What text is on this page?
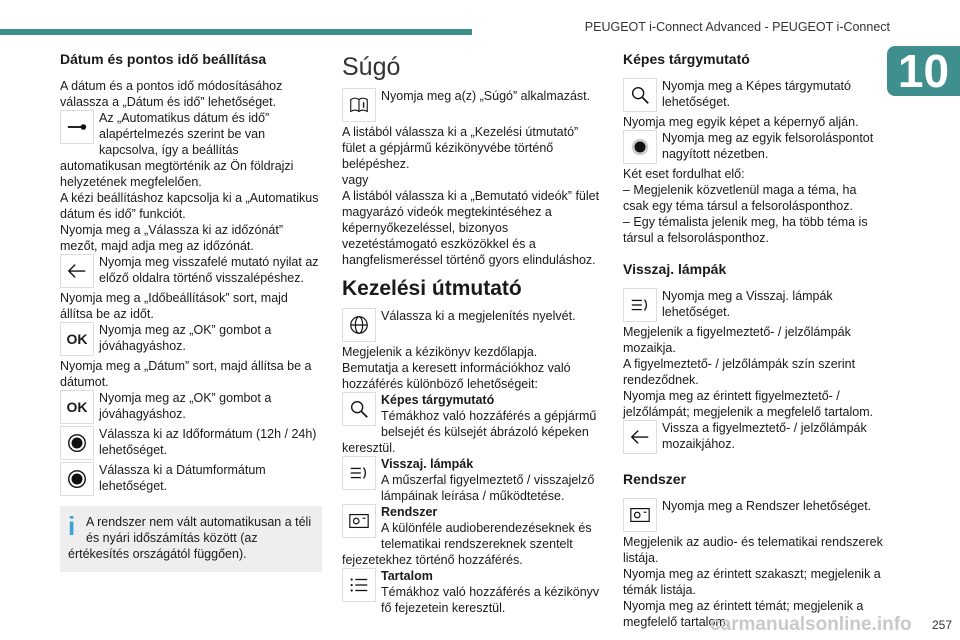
PEUGEOT i-Connect Advanced - PEUGEOT i-Connect
10
Dátum és pontos idő beállítása

A dátum és a pontos idő módosításához válassza a „Dátum és idő” lehetőséget.

Az „Automatikus dátum és idő” alapértelmezés szerint be van kapcsolva, így a beállítás automatikusan megtörténik az Ön földrajzi helyzetének megfelelően.

A kézi beállításhoz kapcsolja ki a „Automatikus dátum és idő” funkciót.
Nyomja meg a „Válassza ki az időzónát” mezőt, majd adja meg az időzónát.

Nyomja meg visszafelé mutató nyilat az előző oldalra történő visszalépéshez.

Nyomja meg a „Időbeállítások” sort, majd állítsa be az időt.

OK
Nyomja meg az „OK” gombot a jóváhagyáshoz.

Nyomja meg a „Dátum” sort, majd állítsa be a dátumot.

OK
Nyomja meg az „OK” gombot a jóváhagyáshoz.
Válassza ki az Időformátum (12h / 24h) lehetőséget.
Válassza ki a Dátumformátum lehetőséget.
i A rendszer nem vált automatikusan a téli és nyári időszámítás között (az értékesítés országától függően).
Súgó
Nyomja meg a(z) „Súgó” alkalmazást.

A listából válassza ki a „Kezelési útmutató” fület a gépjármű kézikönyvébe történő belépéshez.
vagy
A listából válassza ki a „Bemutató videók” fület magyarázó videók megtekintéséhez a képernyőkezeléssel, bizonyos vezetéstámogató eszközökkel és a hangfelismeréssel történő gyors elinduláshoz.

Kezelési útmutató
Válassza ki a megjelenítés nyelvét.

Megjelenik a kézikönyv kezdőlapja.
Bemutatja a keresett információkhoz való hozzáférés különböző lehetőségeit:

Képes tárgymutató
Témákhoz való hozzáférés a gépjármű belsejét és külsejét ábrázoló képeken keresztül.
Visszaj. lámpák
A műszerfal figyelmeztető / visszajelző lámpáinak leírása / működtetése.
Rendszer
A különféle audioberendezéseknek és telematikai rendszereknek szentelt fejezetekhez történő hozzáférés.
Tartalom
Témákhoz való hozzáférés a kézikönyv fő fejezetein keresztül.
Képes tárgymutató
Nyomja meg a Képes tárgymutató lehetőséget.

Nyomja meg egyik képet a képernyő alján.

Nyomja meg az egyik felsoroláspontot nagyított nézetben.

Két eset fordulhat elő:
– Megjelenik közvetlenül maga a téma, ha csak egy téma társul a felsorolásponthoz.
– Egy témalista jelenik meg, ha több téma is társul a felsorolásponthoz.

Visszaj. lámpák
Nyomja meg a Visszaj. lámpák lehetőséget.

Megjelenik a figyelmeztető- / jelzőlámpák mozaikja.
A figyelmeztető- / jelzőlámpák szín szerint rendeződnek.
Nyomja meg az érintett figyelmeztető- / jelzőlámpát; megjelenik a megfelelő tartalom.

Vissza a figyelmeztető- / jelzőlámpák mozaikjához.
Rendszer
Nyomja meg a Rendszer lehetőséget.

Megjelenik az audio- és telematikai rendszerek listája.
Nyomja meg az érintett szakaszt; megjelenik a témák listája.
Nyomja meg az érintett témát; megjelenik a megfelelő tartalom.

carmanualsonline.info 257
